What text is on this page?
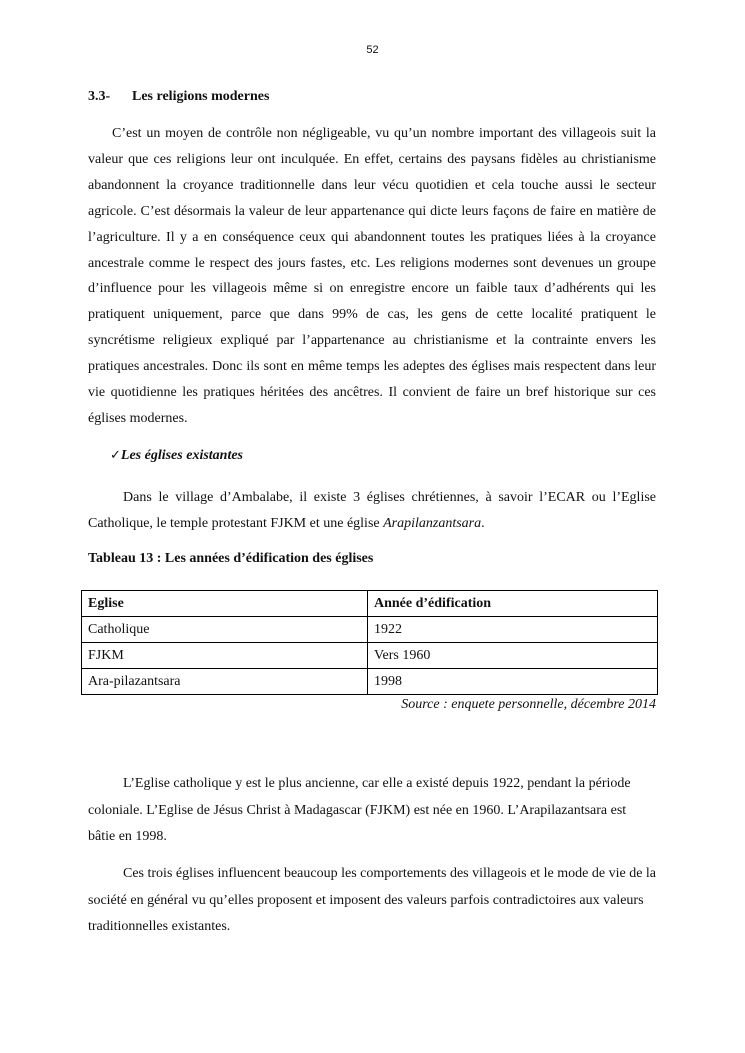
52
3.3- Les religions modernes

C’est un moyen de contrôle non négligeable, vu qu’un nombre important des villageois suit la valeur que ces religions leur ont inculquée. En effet, certains des paysans fidèles au christianisme abandonnent la croyance traditionnelle dans leur vécu quotidien et cela touche aussi le secteur agricole. C’est désormais la valeur de leur appartenance qui dicte leurs façons de faire en matière de l’agriculture. Il y a en conséquence ceux qui abandonnent toutes les pratiques liées à la croyance ancestrale comme le respect des jours fastes, etc. Les religions modernes sont devenues un groupe d’influence pour les villageois même si on enregistre encore un faible taux d’adhérents qui les pratiquent uniquement, parce que dans 99% de cas, les gens de cette localité pratiquent le syncrétisme religieux expliqué par l’appartenance au christianisme et la contrainte envers les pratiques ancestrales. Donc ils sont en même temps les adeptes des églises mais respectent dans leur vie quotidienne les pratiques héritées des ancêtres. Il convient de faire un bref historique sur ces églises modernes.

✓Les églises existantes

Dans le village d’Ambalabe, il existe 3 églises chrétiennes, à savoir l’ECAR ou l’Eglise Catholique, le temple protestant FJKM et une église Arapilanzantsara.

Tableau 13 : Les années d’édification des églises
Eglise	Année d’édification
Catholique	1922
FJKM	Vers 1960
Ara-pilazantsara	1998
Source : enquete personnelle, décembre 2014

L’Eglise catholique y est le plus ancienne, car elle a existé depuis 1922, pendant la période coloniale. L’Eglise de Jésus Christ à Madagascar (FJKM) est née en 1960. L’Arapilazantsara est bâtie en 1998.

Ces trois églises influencent beaucoup les comportements des villageois et le mode de vie de la société en général vu qu’elles proposent et imposent des valeurs parfois contradictoires aux valeurs traditionnelles existantes.
